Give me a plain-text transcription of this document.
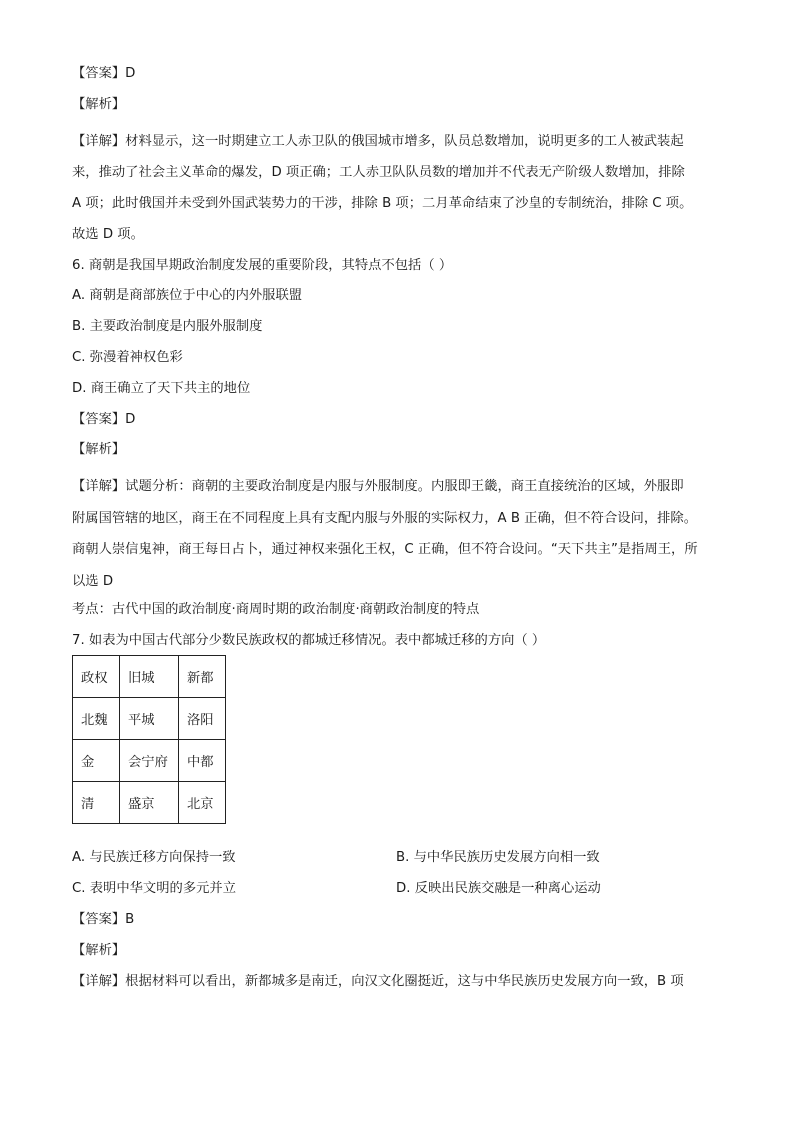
【答案】D
【解析】
【详解】材料显示，这一时期建立工人赤卫队的俄国城市增多，队员总数增加，说明更多的工人被武装起
来，推动了社会主义革命的爆发，D 项正确；工人赤卫队队员数的增加并不代表无产阶级人数增加，排除
A 项；此时俄国并未受到外国武装势力的干涉，排除 B 项；二月革命结束了沙皇的专制统治，排除 C 项。
故选 D 项。
6. 商朝是我国早期政治制度发展的重要阶段，其特点不包括（ ）
A. 商朝是商部族位于中心的内外服联盟
B. 主要政治制度是内服外服制度
C. 弥漫着神权色彩
D. 商王确立了天下共主的地位
【答案】D
【解析】
【详解】试题分析：商朝的主要政治制度是内服与外服制度。内服即王畿，商王直接统治的区域，外服即
附属国管辖的地区，商王在不同程度上具有支配内服与外服的实际权力，A B 正确，但不符合设问，排除。
商朝人崇信鬼神，商王每日占卜，通过神权来强化王权，C 正确，但不符合设问。“天下共主”是指周王，所
以选 D
考点：古代中国的政治制度·商周时期的政治制度·商朝政治制度的特点
7. 如表为中国古代部分少数民族政权的都城迁移情况。表中都城迁移的方向（ ）
政权	旧城	新都
北魏	平城	洛阳
金	会宁府	中都
清	盛京	北京
A. 与民族迁移方向保持一致	B. 与中华民族历史发展方向相一致
C. 表明中华文明的多元并立	D. 反映出民族交融是一种离心运动
【答案】B
【解析】
【详解】根据材料可以看出，新都城多是南迁，向汉文化圈挺近，这与中华民族历史发展方向一致，B 项
